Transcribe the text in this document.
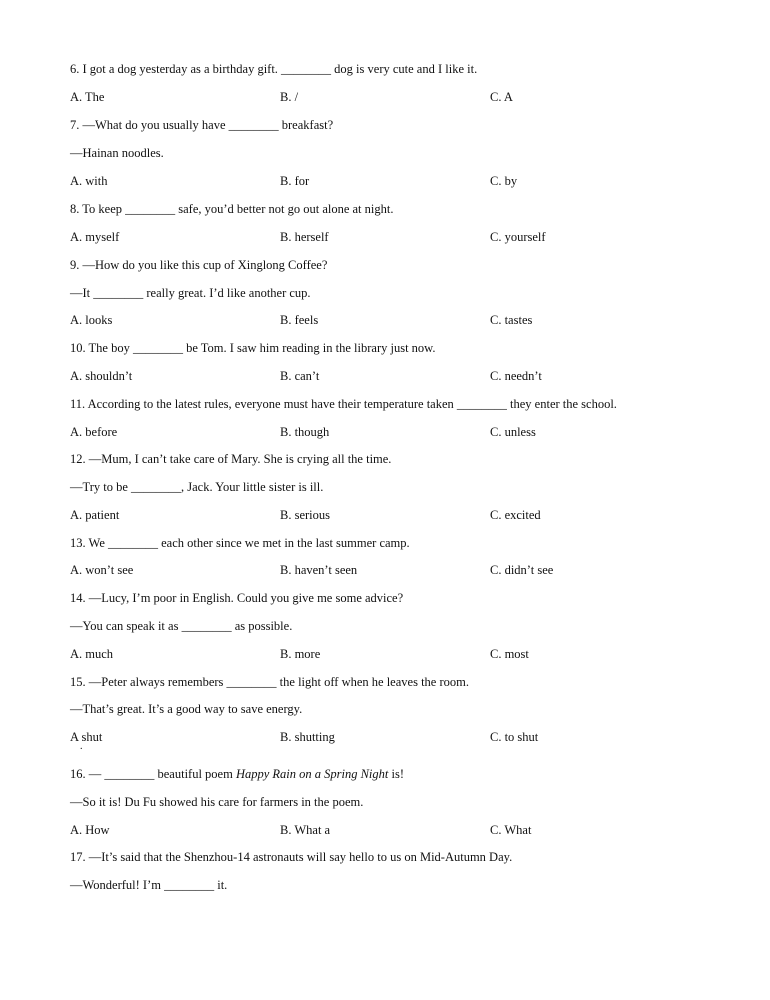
6. I got a dog yesterday as a birthday gift. ________ dog is very cute and I like it.
A. The	B. /	C. A
7. —What do you usually have ________ breakfast?
—Hainan noodles.
A. with	B. for	C. by
8. To keep ________ safe, you’d better not go out alone at night.
A. myself	B. herself	C. yourself
9. —How do you like this cup of Xinglong Coffee?
—It ________ really great. I’d like another cup.
A. looks	B. feels	C. tastes
10. The boy ________ be Tom. I saw him reading in the library just now.
A. shouldn’t	B. can’t	C. needn’t
11. According to the latest rules, everyone must have their temperature taken ________ they enter the school.
A. before	B. though	C. unless
12. —Mum, I can’t take care of Mary. She is crying all the time.
—Try to be ________, Jack. Your little sister is ill.
A. patient	B. serious	C. excited
13. We ________ each other since we met in the last summer camp.
A. won’t see	B. haven’t seen	C. didn’t see
14. —Lucy, I’m poor in English. Could you give me some advice?
—You can speak it as ________ as possible.
A. much	B. more	C. most
15. —Peter always remembers ________ the light off when he leaves the room.
—That’s great. It’s a good way to save energy.
A shut	B. shutting	C. to shut
.
16. — ________ beautiful poem Happy Rain on a Spring Night is!
—So it is! Du Fu showed his care for farmers in the poem.
A. How	B. What a	C. What
17. —It’s said that the Shenzhou-14 astronauts will say hello to us on Mid-Autumn Day.
—Wonderful! I’m ________ it.
